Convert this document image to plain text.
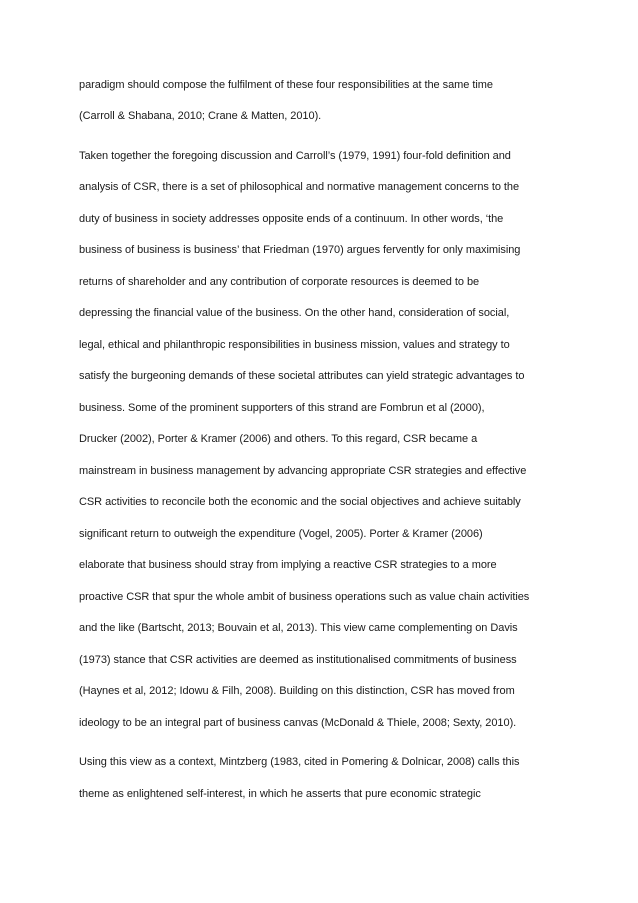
paradigm should compose the fulfilment of these four responsibilities at the same time
(Carroll & Shabana, 2010; Crane & Matten, 2010).
Taken together the foregoing discussion and Carroll’s (1979, 1991) four-fold definition and
analysis of CSR, there is a set of philosophical and normative management concerns to the
duty of business in society addresses opposite ends of a continuum. In other words, ‘the
business of business is business’ that Friedman (1970) argues fervently for only maximising
returns of shareholder and any contribution of corporate resources is deemed to be
depressing the financial value of the business. On the other hand, consideration of social,
legal, ethical and philanthropic responsibilities in business mission, values and strategy to
satisfy the burgeoning demands of these societal attributes can yield strategic advantages to
business. Some of the prominent supporters of this strand are Fombrun et al (2000),
Drucker (2002), Porter & Kramer (2006) and others. To this regard, CSR became a
mainstream in business management by advancing appropriate CSR strategies and effective
CSR activities to reconcile both the economic and the social objectives and achieve suitably
significant return to outweigh the expenditure (Vogel, 2005). Porter & Kramer (2006)
elaborate that business should stray from implying a reactive CSR strategies to a more
proactive CSR that spur the whole ambit of business operations such as value chain activities
and the like (Bartscht, 2013; Bouvain et al, 2013). This view came complementing on Davis
(1973) stance that CSR activities are deemed as institutionalised commitments of business
(Haynes et al, 2012; Idowu & Filh, 2008). Building on this distinction, CSR has moved from
ideology to be an integral part of business canvas (McDonald & Thiele, 2008; Sexty, 2010).
Using this view as a context, Mintzberg (1983, cited in Pomering & Dolnicar, 2008) calls this
theme as enlightened self-interest, in which he asserts that pure economic strategic
